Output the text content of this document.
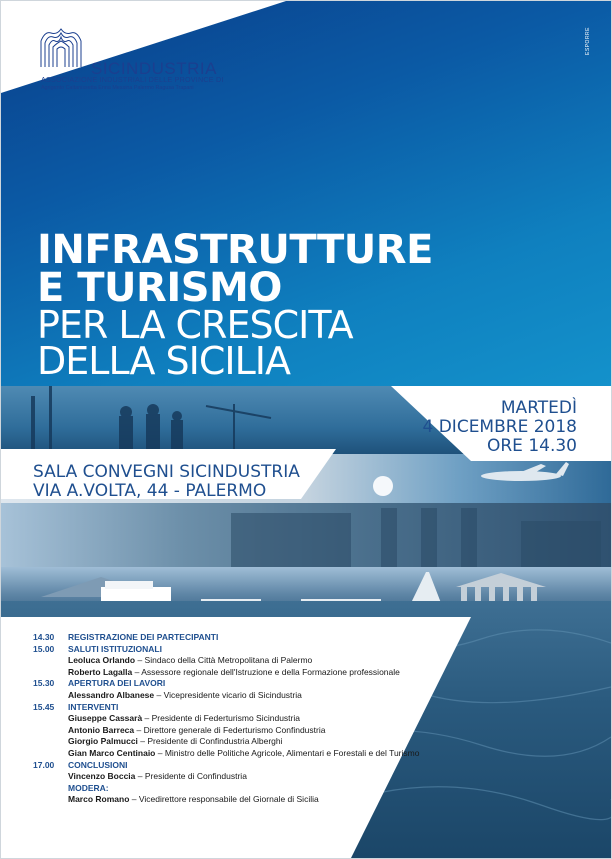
SICINDUSTRIA
ASSOCIAZIONE INDUSTRIALI DELLE PROVINCE DI
Agrigento Caltanissetta Enna Messina Palermo Ragusa Trapani
ESPORRE
INFRASTRUTTURE
E TURISMO
PER LA CRESCITA
DELLA SICILIA
MARTEDÌ
4 DICEMBRE 2018
ORE 14.30
SALA CONVEGNI SICINDUSTRIA
VIA A.VOLTA, 44 - PALERMO
14.30 REGISTRAZIONE DEI PARTECIPANTI
15.00 SALUTI ISTITUZIONALI
Leoluca Orlando – Sindaco della Città Metropolitana di Palermo
Roberto Lagalla – Assessore regionale dell'Istruzione e della Formazione professionale
15.30 APERTURA DEI LAVORI
Alessandro Albanese – Vicepresidente vicario di Sicindustria
15.45 INTERVENTI
Giuseppe Cassarà – Presidente di Federturismo Sicindustria
Antonio Barreca – Direttore generale di Federturismo Confindustria
Giorgio Palmucci – Presidente di Confindustria Alberghi
Gian Marco Centinaio – Ministro delle Politiche Agricole, Alimentari e Forestali e del Turismo
17.00 CONCLUSIONI
Vincenzo Boccia – Presidente di Confindustria
MODERA:
Marco Romano – Vicedirettore responsabile del Giornale di Sicilia
